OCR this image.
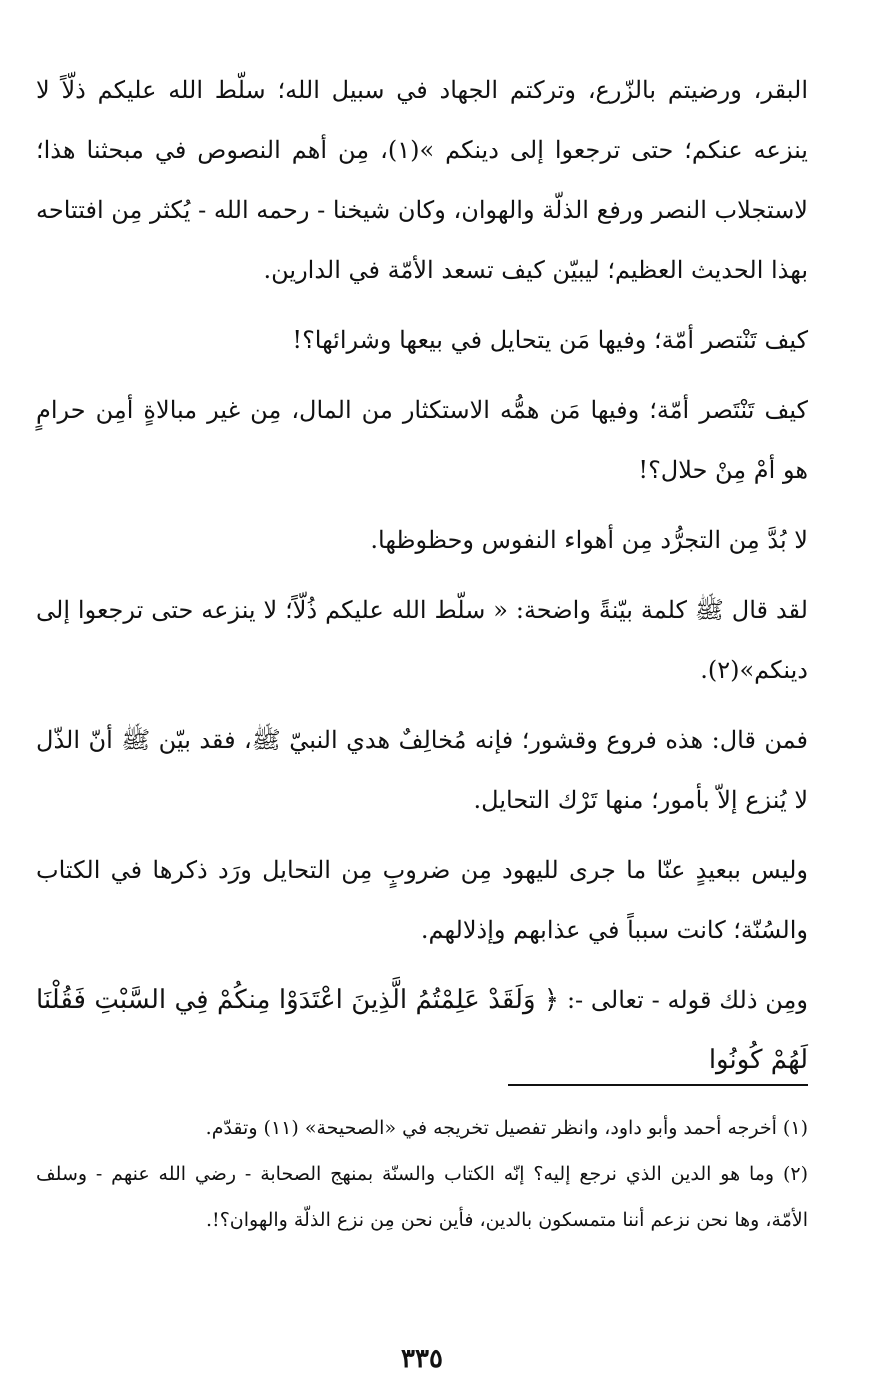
البقر، ورضيتم بالزّرع، وتركتم الجهاد في سبيل الله؛ سلّط الله عليكم ذلّاً لا ينزعه عنكم؛ حتى ترجعوا إلى دينكم »(١)، مِن أهم النصوص في مبحثنا هذا؛ لاستجلاب النصر ورفع الذلّة والهوان، وكان شيخنا - رحمه الله - يُكثر مِن افتتاحه بهذا الحديث العظيم؛ ليبيّن كيف تسعد الأمّة في الدارين.

كيف تَنْتصر أمّة؛ وفيها مَن يتحايل في بيعها وشرائها؟!

كيف تَنْتَصر أمّة؛ وفيها مَن همُّه الاستكثار من المال، مِن غير مبالاةٍ أمِن حرامٍ هو أمْ مِنْ حلال؟!

لا بُدَّ مِن التجرُّد مِن أهواء النفوس وحظوظها.

لقد قال ﷺ كلمة بيّنةً واضحة: « سلّط الله عليكم ذُلّاً؛ لا ينزعه حتى ترجعوا إلى دينكم»(٢).

فمن قال: هذه فروع وقشور؛ فإنه مُخالِفٌ هدي النبيّ ﷺ، فقد بيّن ﷺ أنّ الذّل لا يُنزع إلاّ بأمور؛ منها تَرْك التحايل.

وليس ببعيدٍ عنّا ما جرى لليهود مِن ضروبٍ مِن التحايل ورَد ذكرها في الكتاب والسُنّة؛ كانت سبباً في عذابهم وإذلالهم.

ومِن ذلك قوله - تعالى -: ﴿ وَلَقَدْ عَلِمْتُمُ الَّذِينَ اعْتَدَوْا مِنكُمْ فِي السَّبْتِ فَقُلْنَا لَهُمْ كُونُوا

(١) أخرجه أحمد وأبو داود، وانظر تفصيل تخريجه في «الصحيحة» (١١) وتقدّم.

(٢) وما هو الدين الذي نرجع إليه؟ إنّه الكتاب والسنّة بمنهج الصحابة - رضي الله عنهم - وسلف الأمّة، وها نحن نزعم أننا متمسكون بالدين، فأين نحن مِن نزع الذلّة والهوان؟!.

٣٣٥
